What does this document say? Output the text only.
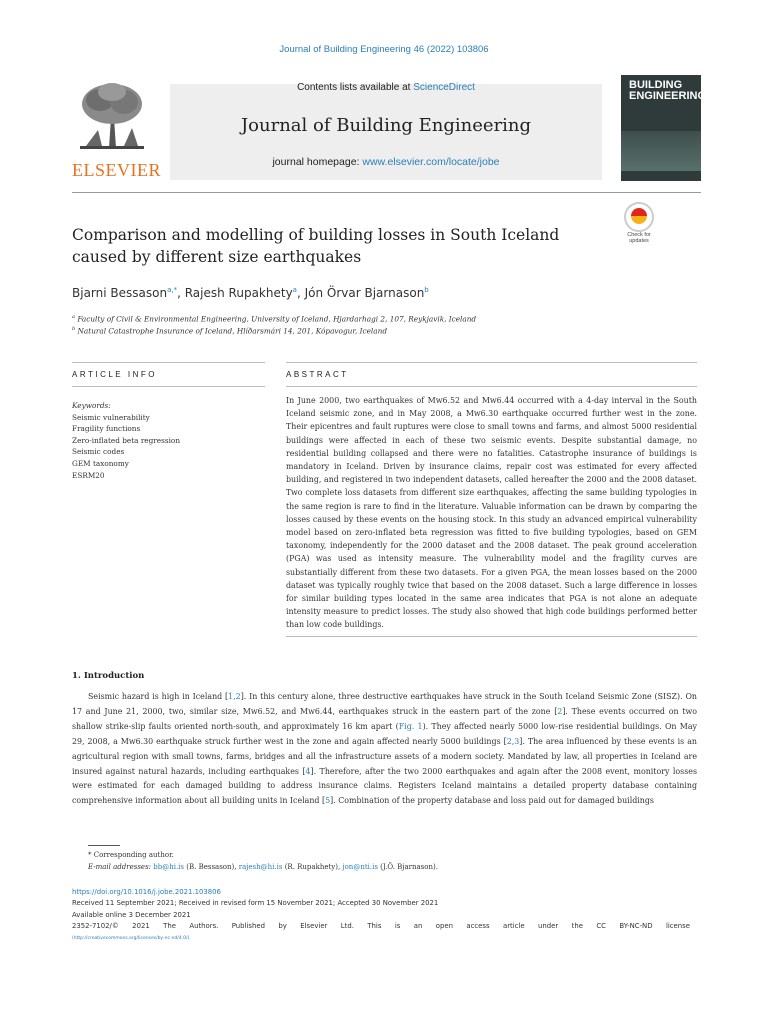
Journal of Building Engineering 46 (2022) 103806
ELSEVIER
Contents lists available at ScienceDirect
Journal of Building Engineering
journal homepage: www.elsevier.com/locate/jobe
BUILDING ENGINEERING
Check for updates
Comparison and modelling of building losses in South Iceland caused by different size earthquakes
Bjarni Bessason$^{a,*}$, Rajesh Rupakhety$^a$, Jón Örvar Bjarnason$^b$
$^a$ Faculty of Civil & Environmental Engineering, University of Iceland, Hjardarhagi 2, 107, Reykjavik, Iceland
$^b$ Natural Catastrophe Insurance of Iceland, Hlíðarsmári 14, 201, Kópavogur, Iceland
ARTICLE INFO	ABSTRACT
Keywords:
Seismic vulnerability
Fragility functions
Zero-inflated beta regression
Seismic codes
GEM taxonomy
ESRM20
In June 2000, two earthquakes of Mw6.52 and Mw6.44 occurred with a 4-day interval in the South Iceland seismic zone, and in May 2008, a Mw6.30 earthquake occurred further west in the zone. Their epicentres and fault ruptures were close to small towns and farms, and almost 5000 residential buildings were affected in each of these two seismic events. Despite substantial damage, no residential building collapsed and there were no fatalities. Catastrophe insurance of buildings is mandatory in Iceland. Driven by insurance claims, repair cost was estimated for every affected building, and registered in two independent datasets, called hereafter the 2000 and the 2008 dataset. Two complete loss datasets from different size earthquakes, affecting the same building typologies in the same region is rare to find in the literature. Valuable information can be drawn by comparing the losses caused by these events on the housing stock. In this study an advanced empirical vulnerability model based on zero-inflated beta regression was fitted to five building typologies, based on GEM taxonomy, independently for the 2000 dataset and the 2008 dataset. The peak ground acceleration (PGA) was used as intensity measure. The vulnerability model and the fragility curves are substantially different from these two datasets. For a given PGA, the mean losses based on the 2000 dataset was typically roughly twice that based on the 2008 dataset. Such a large difference in losses for similar building types located in the same area indicates that PGA is not alone an adequate intensity measure to predict losses. The study also showed that high code buildings performed better than low code buildings.
1. Introduction
Seismic hazard is high in Iceland [1,2]. In this century alone, three destructive earthquakes have struck in the South Iceland Seismic Zone (SISZ). On 17 and June 21, 2000, two, similar size, Mw6.52, and Mw6.44, earthquakes struck in the eastern part of the zone [2]. These events occurred on two shallow strike-slip faults oriented north-south, and approximately 16 km apart (Fig. 1). They affected nearly 5000 low-rise residential buildings. On May 29, 2008, a Mw6.30 earthquake struck further west in the zone and again affected nearly 5000 buildings [2,3]. The area influenced by these events is an agricultural region with small towns, farms, bridges and all the infrastructure assets of a modern society. Mandated by law, all properties in Iceland are insured against natural hazards, including earthquakes [4]. Therefore, after the two 2000 earthquakes and again after the 2008 event, monitory losses were estimated for each damaged building to address insurance claims. Registers Iceland maintains a detailed property database containing comprehensive information about all building units in Iceland [5]. Combination of the property database and loss paid out for damaged buildings
* Corresponding author.
E-mail addresses: bb@hi.is (B. Bessason), rajesh@hi.is (R. Rupakhety), jon@nti.is (J.Ö. Bjarnason).
https://doi.org/10.1016/j.jobe.2021.103806
Received 11 September 2021; Received in revised form 15 November 2021; Accepted 30 November 2021
Available online 3 December 2021
2352-7102/© 2021 The Authors. Published by Elsevier Ltd. This is an open access article under the CC BY-NC-ND license
(http://creativecommons.org/licenses/by-nc-nd/4.0/).
